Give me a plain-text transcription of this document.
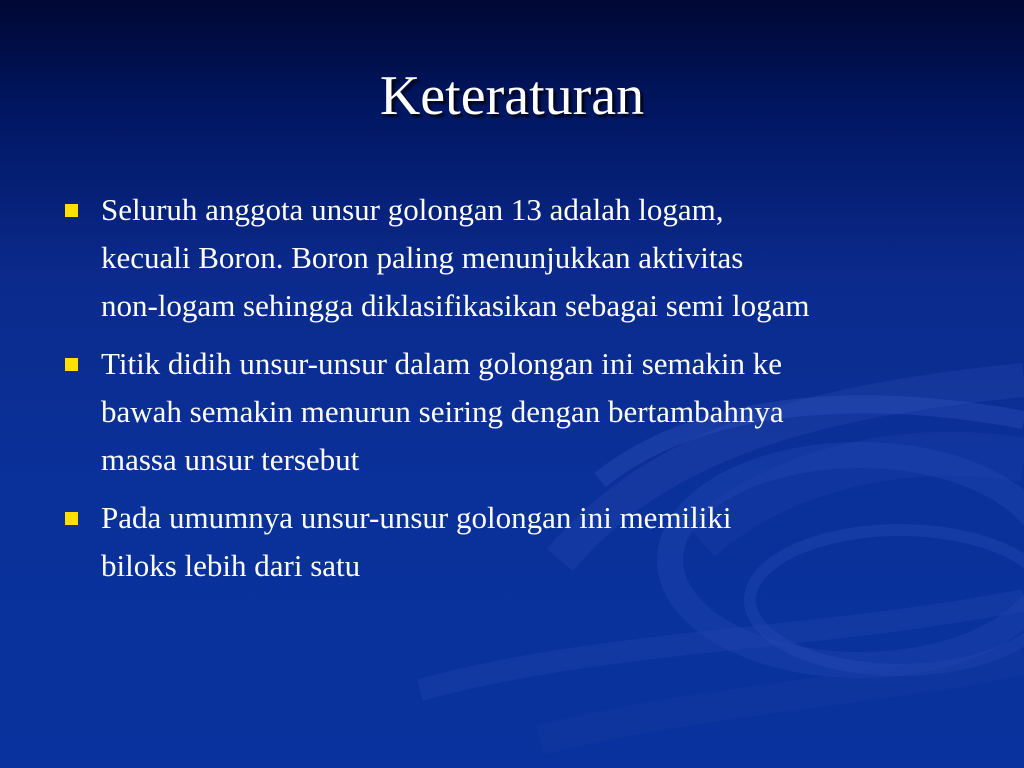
Keteraturan
Seluruh anggota unsur golongan 13 adalah logam,
kecuali Boron. Boron paling menunjukkan aktivitas
non-logam sehingga diklasifikasikan sebagai semi logam
Titik didih unsur-unsur dalam golongan ini semakin ke
bawah semakin menurun seiring dengan bertambahnya
massa unsur tersebut
Pada umumnya unsur-unsur golongan ini memiliki
biloks lebih dari satu
